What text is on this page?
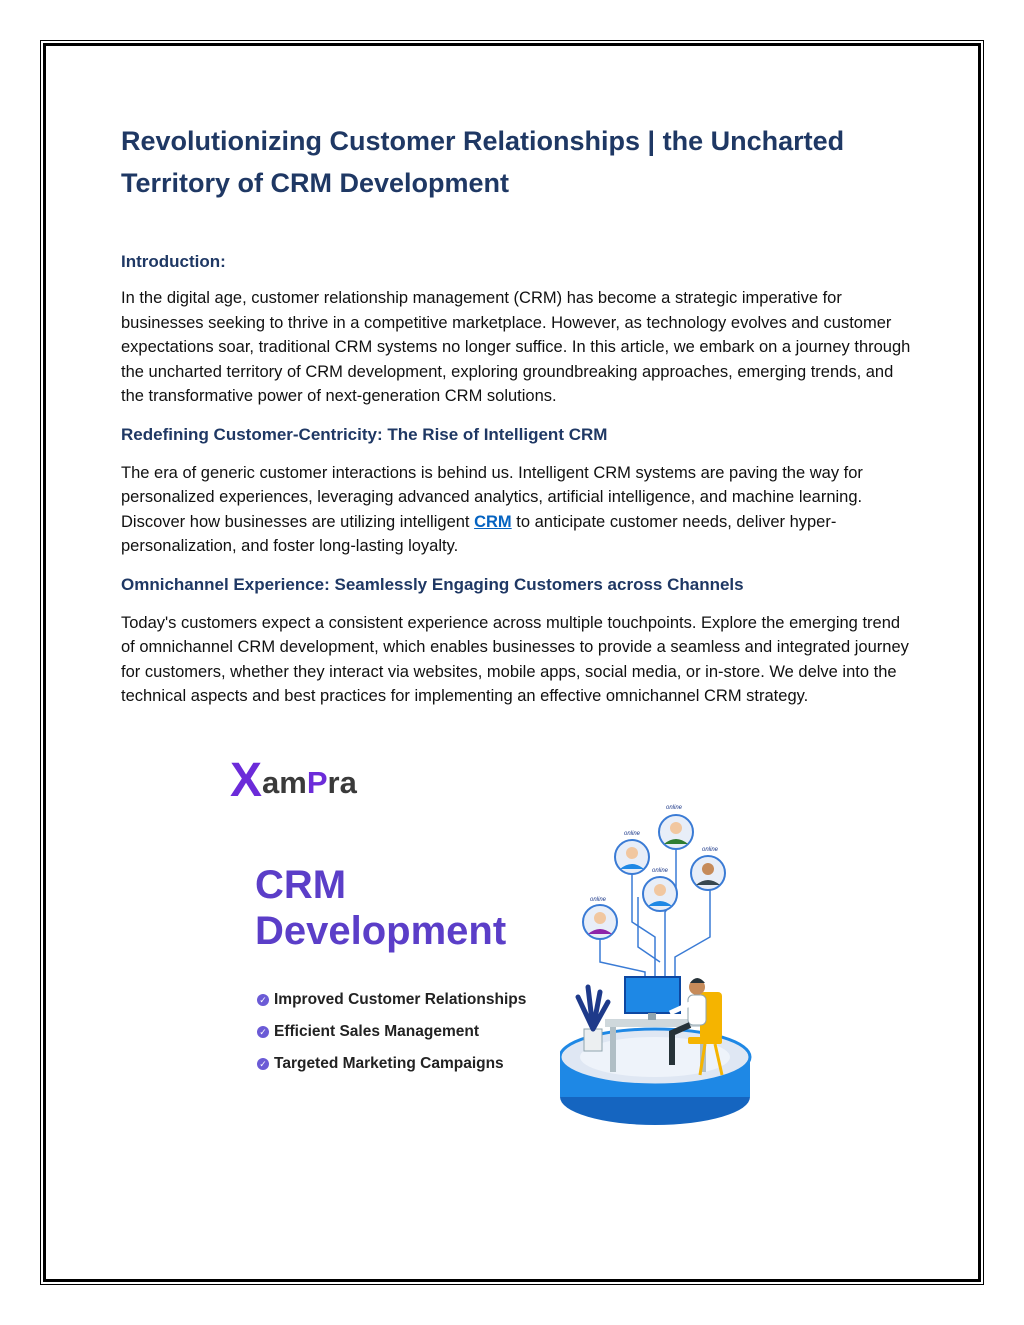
Revolutionizing Customer Relationships | the Uncharted Territory of CRM Development
Introduction:

In the digital age, customer relationship management (CRM) has become a strategic imperative for businesses seeking to thrive in a competitive marketplace. However, as technology evolves and customer expectations soar, traditional CRM systems no longer suffice. In this article, we embark on a journey through the uncharted territory of CRM development, exploring groundbreaking approaches, emerging trends, and the transformative power of next-generation CRM solutions.

Redefining Customer-Centricity: The Rise of Intelligent CRM

The era of generic customer interactions is behind us. Intelligent CRM systems are paving the way for personalized experiences, leveraging advanced analytics, artificial intelligence, and machine learning. Discover how businesses are utilizing intelligent CRM to anticipate customer needs, deliver hyper-personalization, and foster long-lasting loyalty.

Omnichannel Experience: Seamlessly Engaging Customers across Channels

Today's customers expect a consistent experience across multiple touchpoints. Explore the emerging trend of omnichannel CRM development, which enables businesses to provide a seamless and integrated journey for customers, whether they interact via websites, mobile apps, social media, or in-store. We delve into the technical aspects and best practices for implementing an effective omnichannel CRM strategy.

X amPra
CRM
Development
✓ Improved Customer Relationships
✓ Efficient Sales Management
✓ Targeted Marketing Campaigns
online
online
online
online
online
